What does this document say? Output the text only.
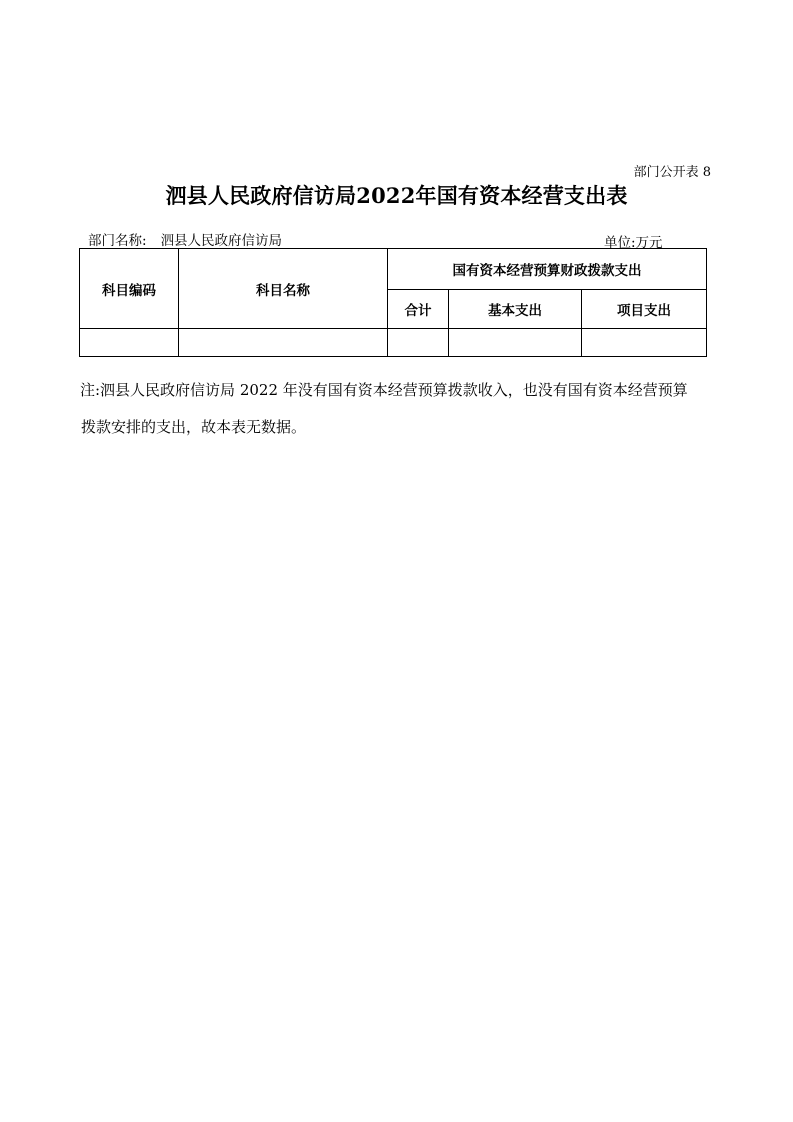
部门公开表 8
泗县人民政府信访局2022年国有资本经营支出表
部门名称: 泗县人民政府信访局	单位:万元
科目编码	科目名称	国有资本经营预算财政拨款支出		
		合计	基本支出	项目支出

注:泗县人民政府信访局 2022 年没有国有资本经营预算拨款收入，也没有国有资本经营预算

拨款安排的支出，故本表无数据。
